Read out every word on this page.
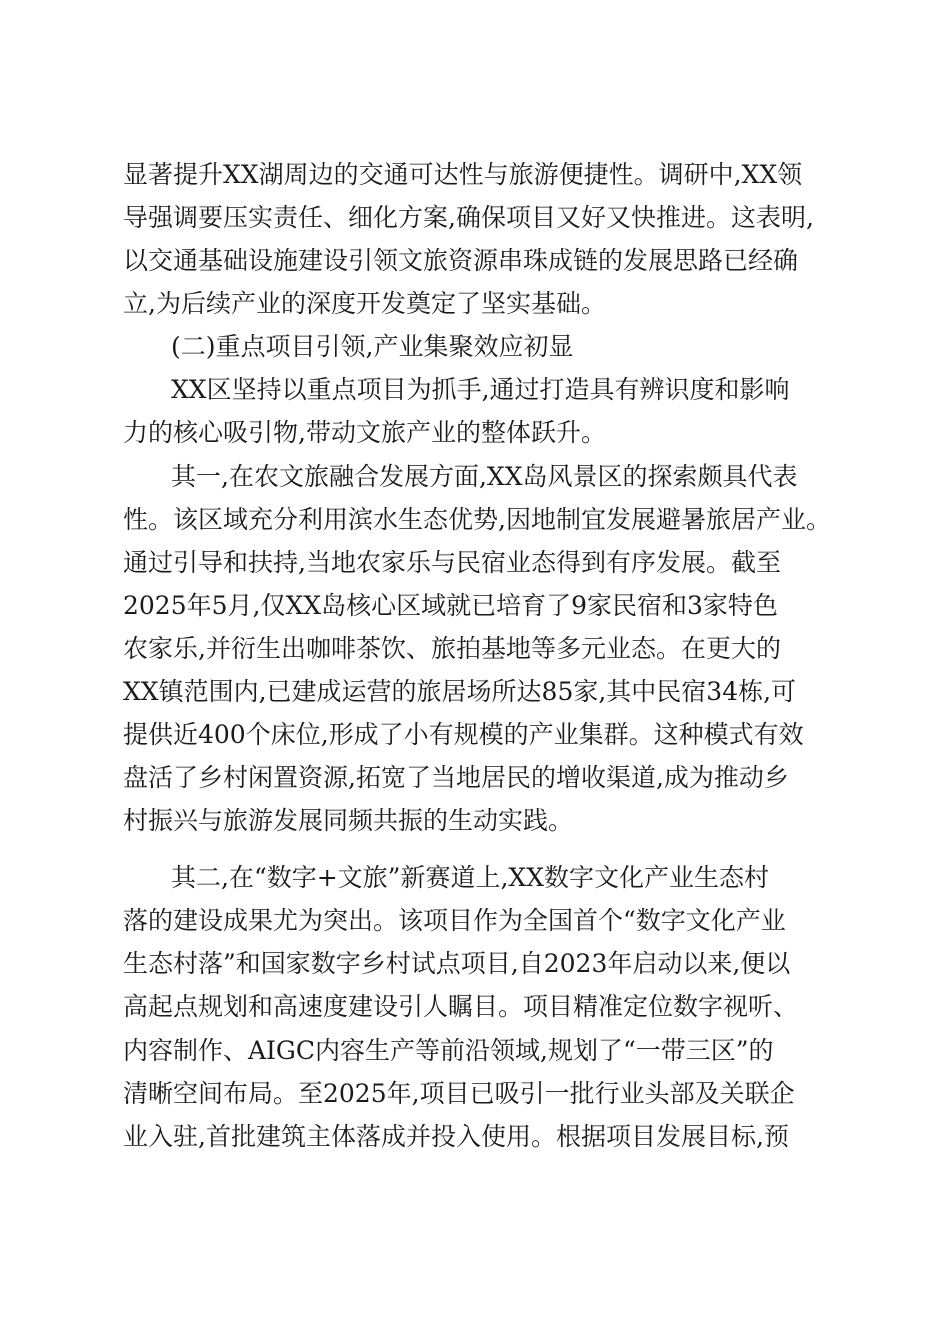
显著提升XX湖周边的交通可达性与旅游便捷性。调研中,XX领
导强调要压实责任、细化方案,确保项目又好又快推进。这表明,
以交通基础设施建设引领文旅资源串珠成链的发展思路已经确
立,为后续产业的深度开发奠定了坚实基础。
(二)重点项目引领,产业集聚效应初显
XX区坚持以重点项目为抓手,通过打造具有辨识度和影响
力的核心吸引物,带动文旅产业的整体跃升。
其一,在农文旅融合发展方面,XX岛风景区的探索颇具代表
性。该区域充分利用滨水生态优势,因地制宜发展避暑旅居产业。
通过引导和扶持,当地农家乐与民宿业态得到有序发展。截至
2025年5月,仅XX岛核心区域就已培育了9家民宿和3家特色
农家乐,并衍生出咖啡茶饮、旅拍基地等多元业态。在更大的
XX镇范围内,已建成运营的旅居场所达85家,其中民宿34栋,可
提供近400个床位,形成了小有规模的产业集群。这种模式有效
盘活了乡村闲置资源,拓宽了当地居民的增收渠道,成为推动乡
村振兴与旅游发展同频共振的生动实践。
其二,在“数字+文旅”新赛道上,XX数字文化产业生态村
落的建设成果尤为突出。该项目作为全国首个“数字文化产业
生态村落”和国家数字乡村试点项目,自2023年启动以来,便以
高起点规划和高速度建设引人瞩目。项目精准定位数字视听、
内容制作、AIGC内容生产等前沿领域,规划了“一带三区”的
清晰空间布局。至2025年,项目已吸引一批行业头部及关联企
业入驻,首批建筑主体落成并投入使用。根据项目发展目标,预
